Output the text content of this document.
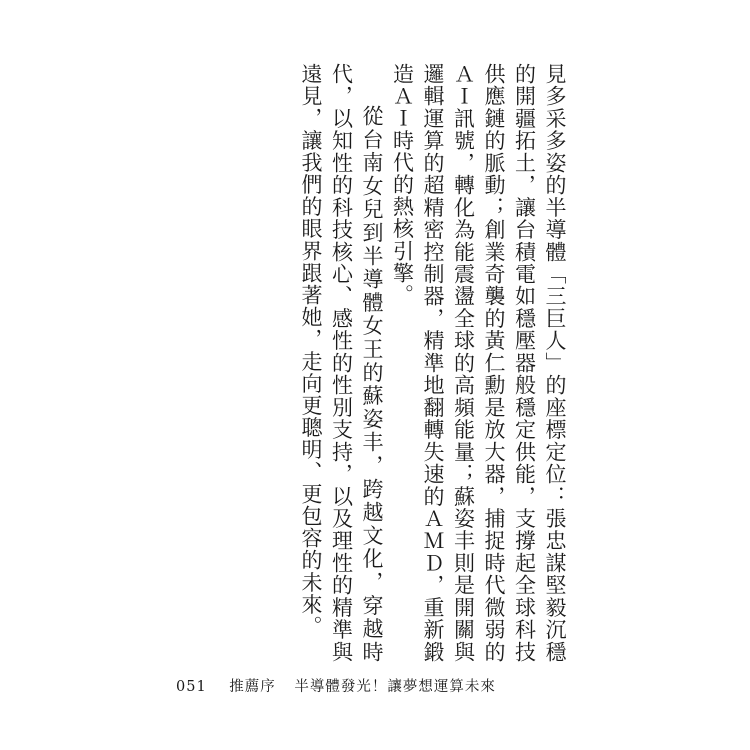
見多采多姿的半導體「三巨人」的座標定位：張忠謀堅毅沉穩的開疆拓土，讓台積電如穩壓器般穩定供能，支撐起全球科技供應鏈的脈動；創業奇襲的黃仁勳是放大器，捕捉時代微弱的ＡＩ訊號，轉化為能震盪全球的高頻能量；蘇姿丰則是開關與邏輯運算的超精密控制器，精準地翻轉失速的ＡＭＤ，重新鍛造ＡＩ時代的熱核引擎。

從台南女兒到半導體女王的蘇姿丰，跨越文化，穿越時代，以知性的科技核心、感性的性別支持，以及理性的精準與遠見，讓我們的眼界跟著她，走向更聰明、更包容的未來。

051 推薦序 半導體發光！讓夢想運算未來
